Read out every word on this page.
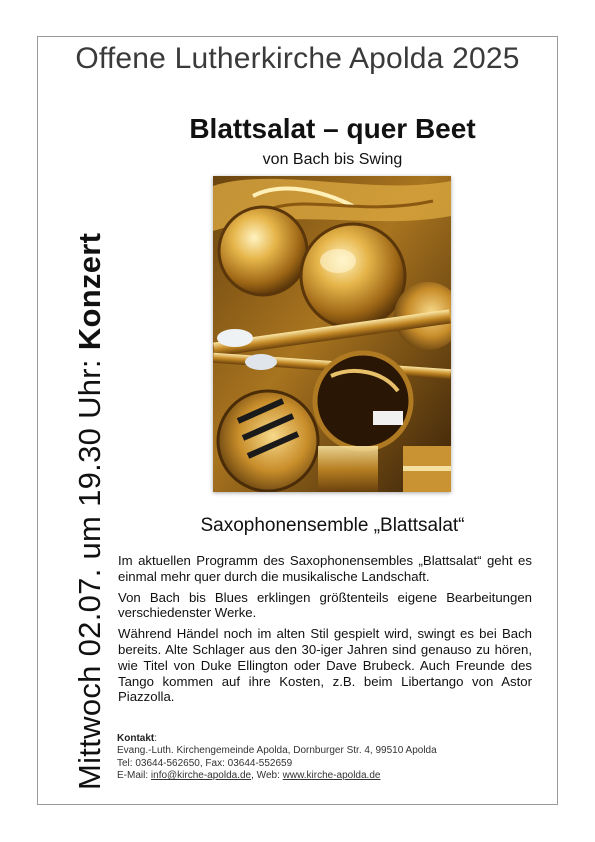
Offene Lutherkirche Apolda 2025
Mittwoch 02.07. um 19.30 Uhr: Konzert
Blattsalat – quer Beet
von Bach bis Swing
Saxophonensemble „Blattsalat“

Im aktuellen Programm des Saxophonensembles „Blattsalat“ geht es einmal mehr quer durch die musikalische Landschaft.

Von Bach bis Blues erklingen größtenteils eigene Bearbeitungen verschiedenster Werke.

Während Händel noch im alten Stil gespielt wird, swingt es bei Bach bereits. Alte Schlager aus den 30-iger Jahren sind genauso zu hören, wie Titel von Duke Ellington oder Dave Brubeck. Auch Freunde des Tango kommen auf ihre Kosten, z.B. beim Libertango von Astor Piazzolla.

Kontakt:
Evang.-Luth. Kirchengemeinde Apolda, Dornburger Str. 4, 99510 Apolda
Tel: 03644-562650, Fax: 03644-552659
E-Mail: info@kirche-apolda.de, Web: www.kirche-apolda.de
